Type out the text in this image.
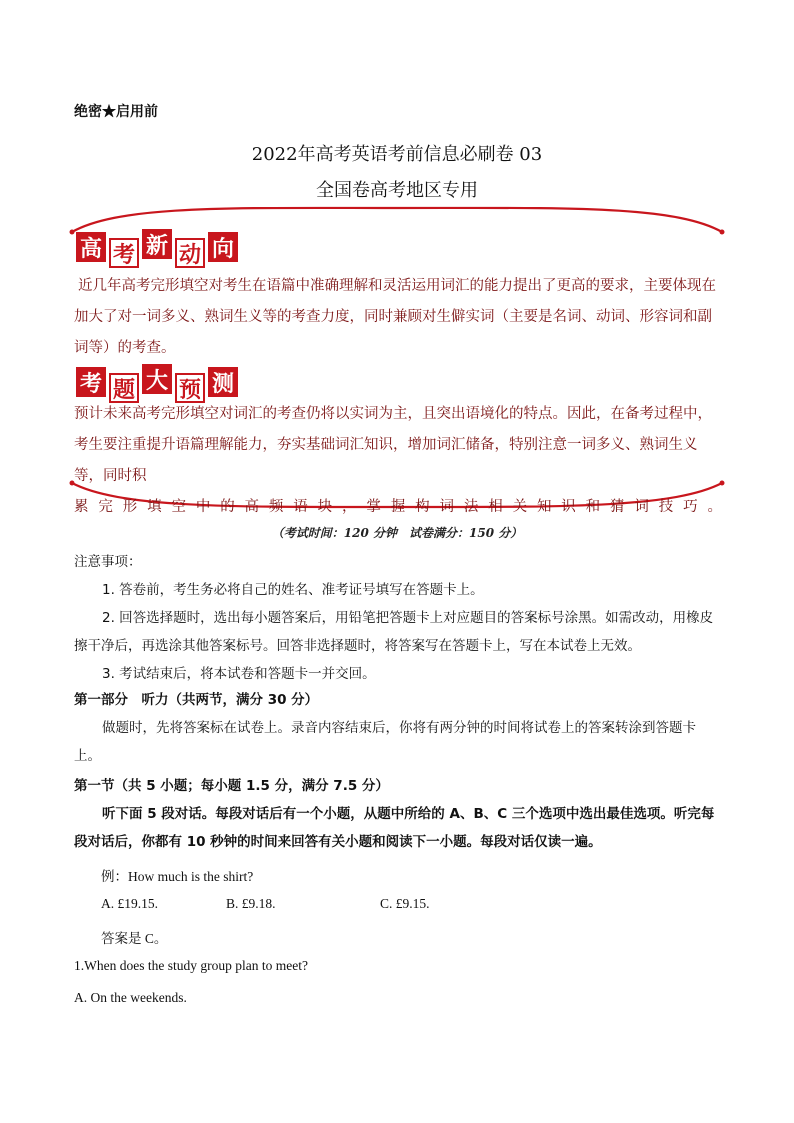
绝密★启用前
2022年高考英语考前信息必刷卷 03
全国卷高考地区专用
高 考 新 动 向
近几年高考完形填空对考生在语篇中准确理解和灵活运用词汇的能力提出了更高的要求，主要体现在加大了对一词多义、熟词生义等的考查力度，同时兼顾对生僻实词（主要是名词、动词、形容词和副词等）的考查。
考 题 大 预 测
预计未来高考完形填空对词汇的考查仍将以实词为主，且突出语境化的特点。因此，在备考过程中，考生要注重提升语篇理解能力，夯实基础词汇知识，增加词汇储备，特别注意一词多义、熟词生义等，同时积
累完形填空中的高频语块，掌握构词法相关知识和猜词技巧。
（考试时间：120 分钟　试卷满分：150 分）
注意事项：
1. 答卷前，考生务必将自己的姓名、准考证号填写在答题卡上。
2. 回答选择题时，选出每小题答案后，用铅笔把答题卡上对应题目的答案标号涂黑。如需改动，用橡皮擦干净后，再选涂其他答案标号。回答非选择题时，将答案写在答题卡上，写在本试卷上无效。
3. 考试结束后，将本试卷和答题卡一并交回。
第一部分　听力（共两节，满分 30 分）
做题时，先将答案标在试卷上。录音内容结束后，你将有两分钟的时间将试卷上的答案转涂到答题卡上。
第一节（共 5 小题；每小题 1.5 分，满分 7.5 分）
听下面 5 段对话。每段对话后有一个小题，从题中所给的 A、B、C 三个选项中选出最佳选项。听完每段对话后，你都有 10 秒钟的时间来回答有关小题和阅读下一小题。每段对话仅读一遍。
例：How much is the shirt?
A. £19.15.	B. £9.18.	C. £9.15.
答案是 C。
1.When does the study group plan to meet?
A. On the weekends.
